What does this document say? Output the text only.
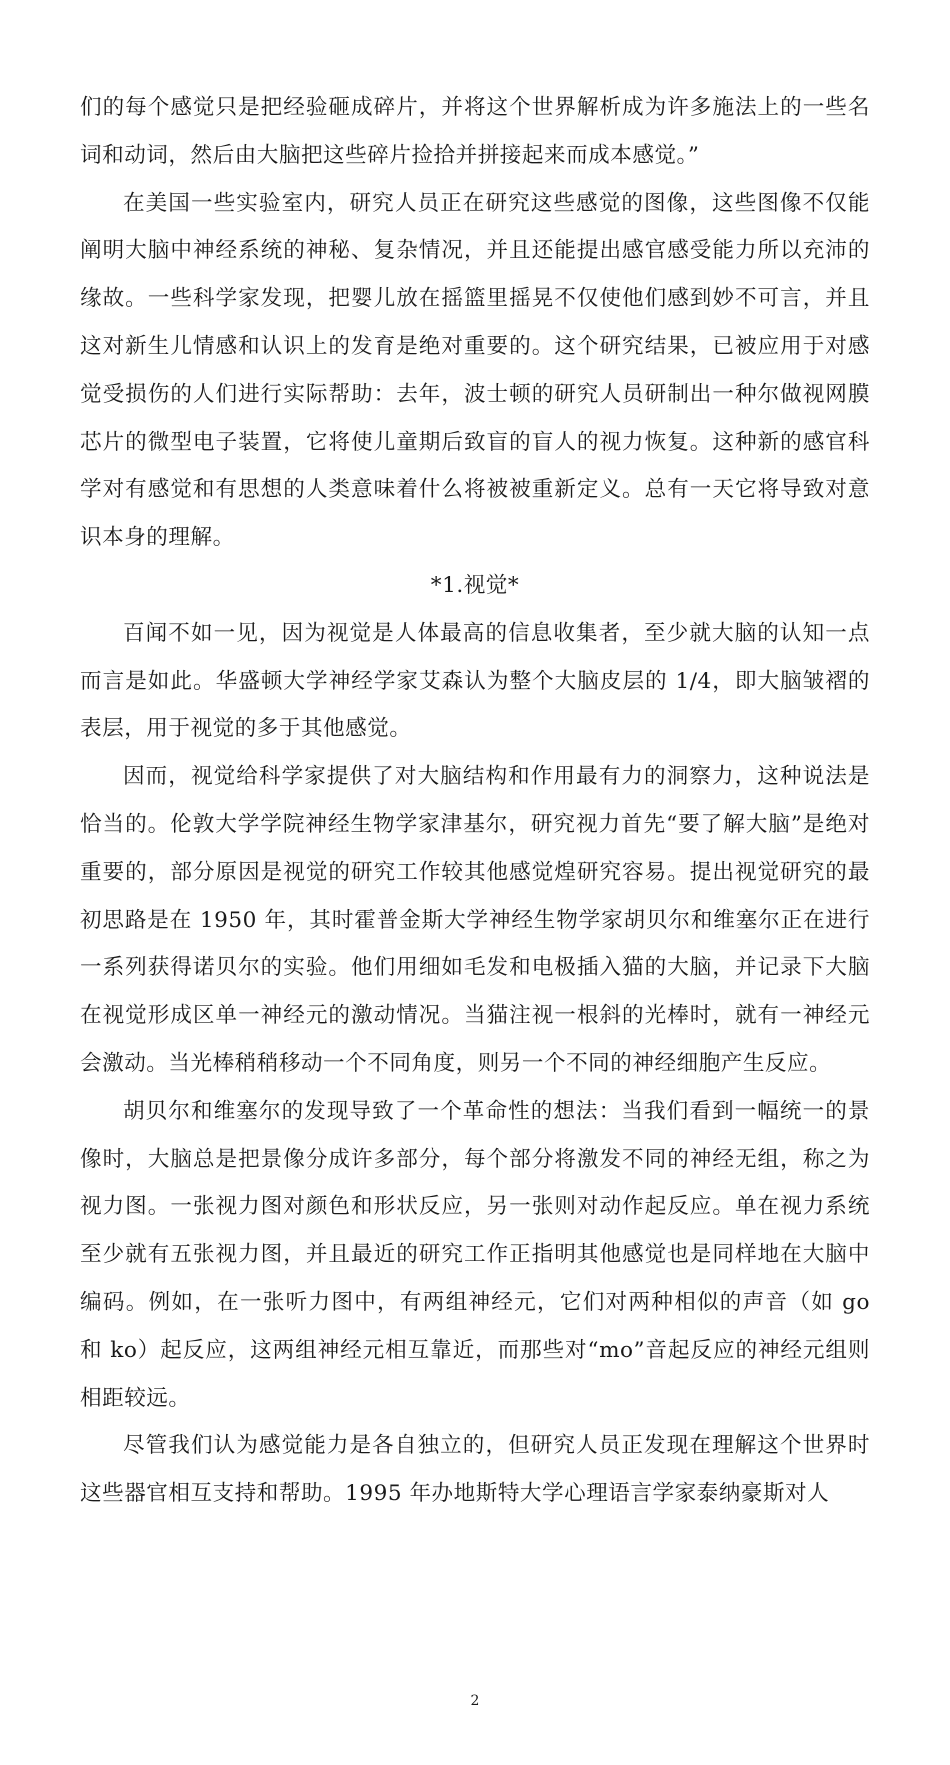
们的每个感觉只是把经验砸成碎片，并将这个世界解析成为许多施法上的一些名词和动词，然后由大脑把这些碎片捡拾并拼接起来而成本感觉。”

在美国一些实验室内，研究人员正在研究这些感觉的图像，这些图像不仅能阐明大脑中神经系统的神秘、复杂情况，并且还能提出感官感受能力所以充沛的缘故。一些科学家发现，把婴儿放在摇篮里摇晃不仅使他们感到妙不可言，并且这对新生儿情感和认识上的发育是绝对重要的。这个研究结果，已被应用于对感觉受损伤的人们进行实际帮助：去年，波士顿的研究人员研制出一种尔做视网膜芯片的微型电子装置，它将使儿童期后致盲的盲人的视力恢复。这种新的感官科学对有感觉和有思想的人类意味着什么将被被重新定义。总有一天它将导致对意识本身的理解。

*1.视觉*

百闻不如一见，因为视觉是人体最高的信息收集者，至少就大脑的认知一点而言是如此。华盛顿大学神经学家艾森认为整个大脑皮层的 1/4，即大脑皱褶的表层，用于视觉的多于其他感觉。

因而，视觉给科学家提供了对大脑结构和作用最有力的洞察力，这种说法是恰当的。伦敦大学学院神经生物学家津基尔，研究视力首先“要了解大脑”是绝对重要的，部分原因是视觉的研究工作较其他感觉煌研究容易。提出视觉研究的最初思路是在 1950 年，其时霍普金斯大学神经生物学家胡贝尔和维塞尔正在进行一系列获得诺贝尔的实验。他们用细如毛发和电极插入猫的大脑，并记录下大脑在视觉形成区单一神经元的激动情况。当猫注视一根斜的光棒时，就有一神经元会激动。当光棒稍稍移动一个不同角度，则另一个不同的神经细胞产生反应。

胡贝尔和维塞尔的发现导致了一个革命性的想法：当我们看到一幅统一的景像时，大脑总是把景像分成许多部分，每个部分将激发不同的神经无组，称之为视力图。一张视力图对颜色和形状反应，另一张则对动作起反应。单在视力系统至少就有五张视力图，并且最近的研究工作正指明其他感觉也是同样地在大脑中编码。例如，在一张听力图中，有两组神经元，它们对两种相似的声音（如 go 和 ko）起反应，这两组神经元相互靠近，而那些对“mo”音起反应的神经元组则相距较远。

尽管我们认为感觉能力是各自独立的，但研究人员正发现在理解这个世界时这些器官相互支持和帮助。1995 年办地斯特大学心理语言学家泰纳豪斯对人

2
